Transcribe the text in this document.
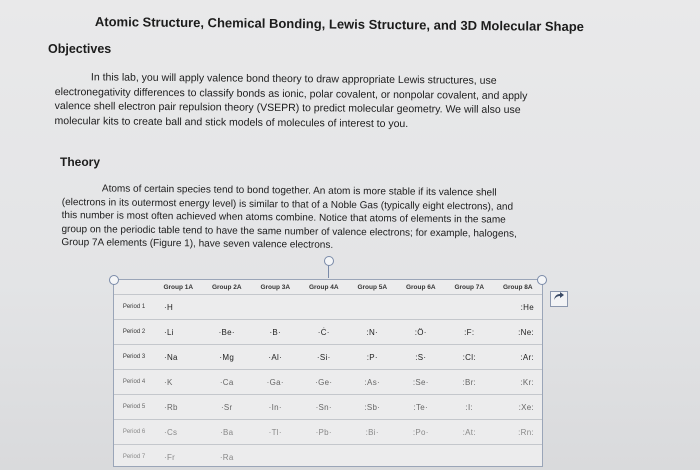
Atomic Structure, Chemical Bonding, Lewis Structure, and 3D Molecular Shape
Objectives
In this lab, you will apply valence bond theory to draw appropriate Lewis structures, use
electronegativity differences to classify bonds as ionic, polar covalent, or nonpolar covalent, and apply
valence shell electron pair repulsion theory (VSEPR) to predict molecular geometry. We will also use
molecular kits to create ball and stick models of molecules of interest to you.
Theory
Atoms of certain species tend to bond together. An atom is more stable if its valence shell
(electrons in its outermost energy level) is similar to that of a Noble Gas (typically eight electrons), and
this number is most often achieved when atoms combine. Notice that atoms of elements in the same
group on the periodic table tend to have the same number of valence electrons; for example, halogens,
Group 7A elements (Figure 1), have seven valence electrons.
	Group 1A	Group 2A	Group 3A	Group 4A	Group 5A	Group 6A	Group 7A	Group 8A
Period 1	·H							:He
Period 2	·Li	·Be·	·B·	·Ċ·	:N·	:Ö·	:F:	:Ne:
Period 3	·Na	·Mg	·Al·	·Si·	:P·	:S·	:Cl:	:Ar:
Period 4	·K	·Ca	·Ga·	·Ge·	:As·	:Se·	:Br:	:Kr:
Period 5	·Rb	·Sr	·In·	·Sn·	:Sb·	:Te·	:I:	:Xe:
Period 6	·Cs	·Ba	·Tl·	·Pb·	:Bi·	:Po·	:At:	:Rn:
Period 7	·Fr	·Ra						
